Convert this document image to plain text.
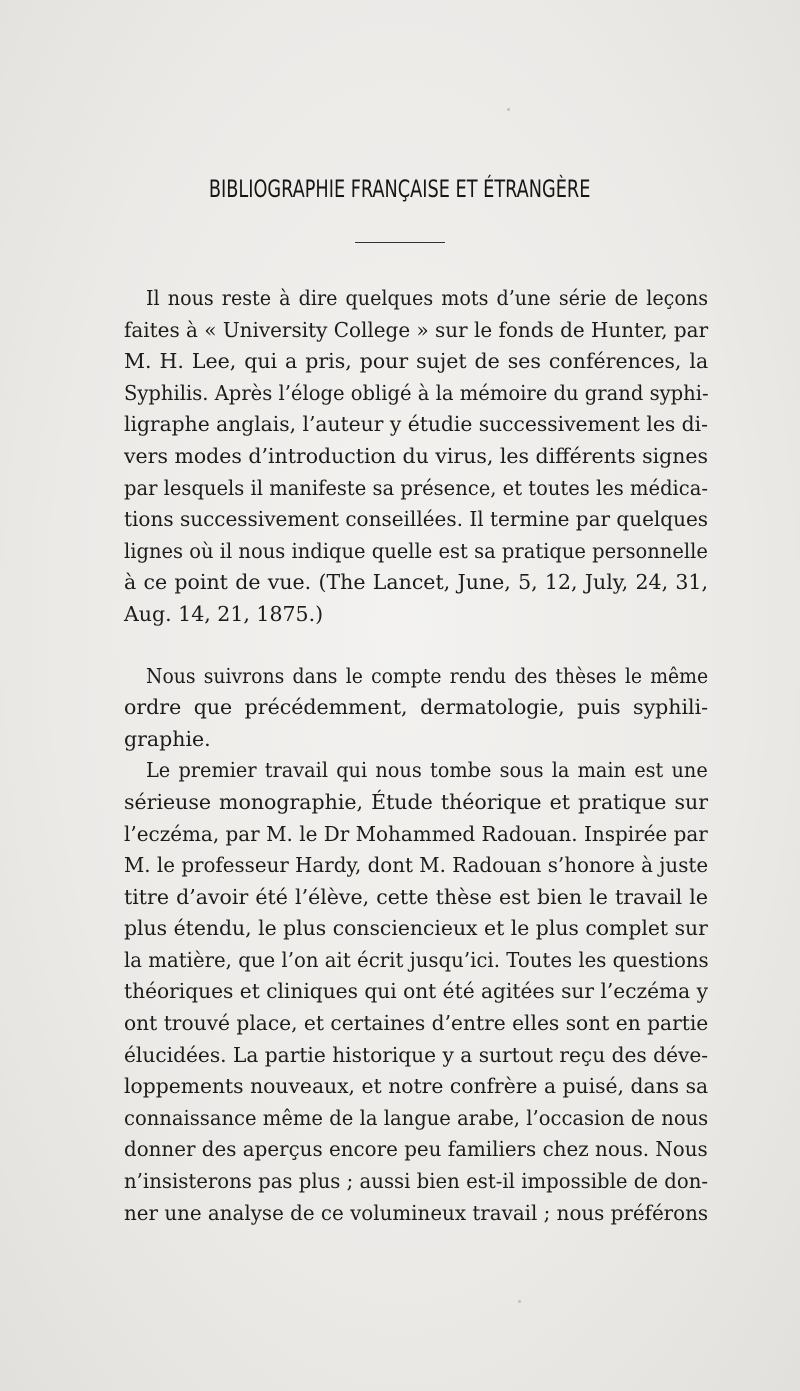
BIBLIOGRAPHIE FRANÇAISE ET ÉTRANGÈRE

Il nous reste à dire quelques mots d’une série de leçons
faites à « University College » sur le fonds de Hunter, par
M. H. Lee, qui a pris, pour sujet de ses conférences, la
Syphilis. Après l’éloge obligé à la mémoire du grand syphi-
ligraphe anglais, l’auteur y étudie successivement les di-
vers modes d’introduction du virus, les différents signes
par lesquels il manifeste sa présence, et toutes les médica-
tions successivement conseillées. Il termine par quelques
lignes où il nous indique quelle est sa pratique personnelle
à ce point de vue. (The Lancet, June, 5, 12, July, 24, 31,
Aug. 14, 21, 1875.)

Nous suivrons dans le compte rendu des thèses le même
ordre que précédemment, dermatologie, puis syphili-
graphie.

Le premier travail qui nous tombe sous la main est une
sérieuse monographie, Étude théorique et pratique sur
l’eczéma, par M. le Dr Mohammed Radouan. Inspirée par
M. le professeur Hardy, dont M. Radouan s’honore à juste
titre d’avoir été l’élève, cette thèse est bien le travail le
plus étendu, le plus consciencieux et le plus complet sur
la matière, que l’on ait écrit jusqu’ici. Toutes les questions
théoriques et cliniques qui ont été agitées sur l’eczéma y
ont trouvé place, et certaines d’entre elles sont en partie
élucidées. La partie historique y a surtout reçu des déve-
loppements nouveaux, et notre confrère a puisé, dans sa
connaissance même de la langue arabe, l’occasion de nous
donner des aperçus encore peu familiers chez nous. Nous
n’insisterons pas plus ; aussi bien est-il impossible de don-
ner une analyse de ce volumineux travail ; nous préférons
